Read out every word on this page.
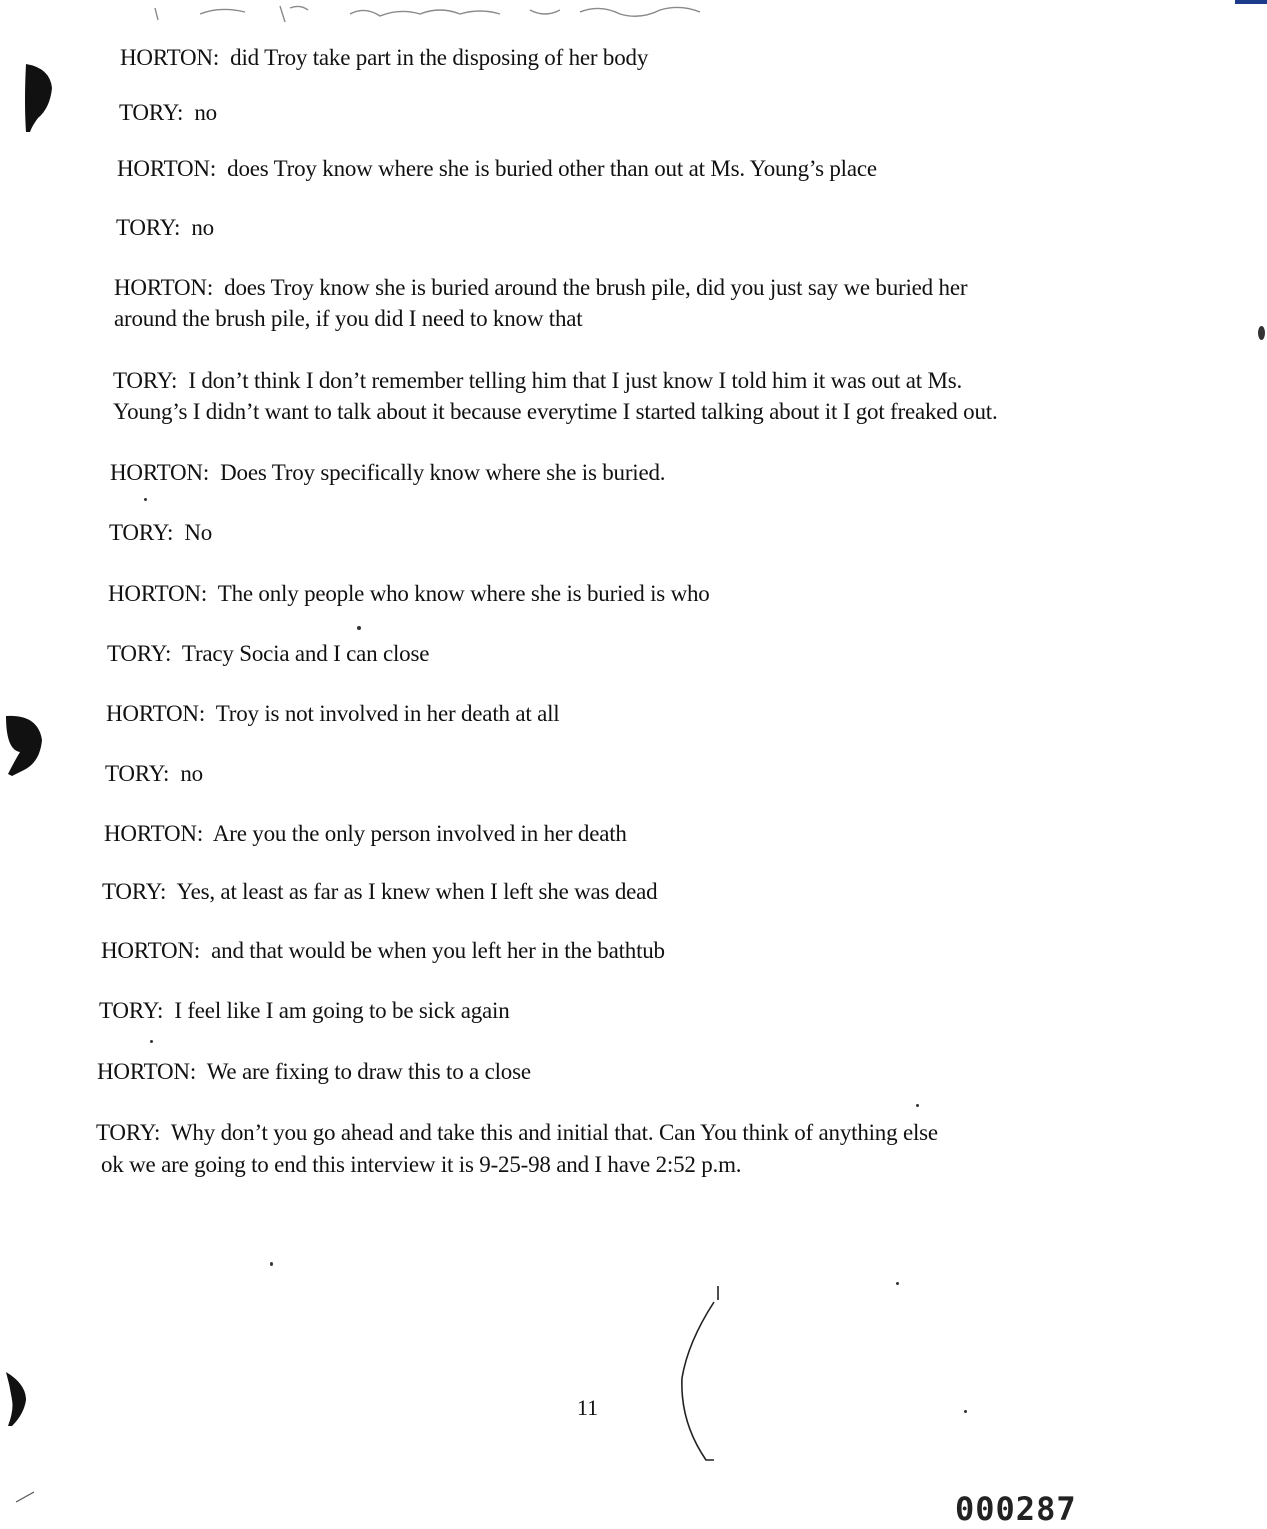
HORTON: did Troy take part in the disposing of her body
TORY: no
HORTON: does Troy know where she is buried other than out at Ms. Young’s place
TORY: no
HORTON: does Troy know she is buried around the brush pile, did you just say we buried her
around the brush pile, if you did I need to know that
TORY: I don’t think I don’t remember telling him that I just know I told him it was out at Ms.
Young’s I didn’t want to talk about it because everytime I started talking about it I got freaked out.
HORTON: Does Troy specifically know where she is buried.
TORY: No
HORTON: The only people who know where she is buried is who
TORY: Tracy Socia and I can close
HORTON: Troy is not involved in her death at all
TORY: no
HORTON: Are you the only person involved in her death
TORY: Yes, at least as far as I knew when I left she was dead
HORTON: and that would be when you left her in the bathtub
TORY: I feel like I am going to be sick again
HORTON: We are fixing to draw this to a close
TORY: Why don’t you go ahead and take this and initial that. Can You think of anything else
ok we are going to end this interview it is 9-25-98 and I have 2:52 p.m.
11
000287
